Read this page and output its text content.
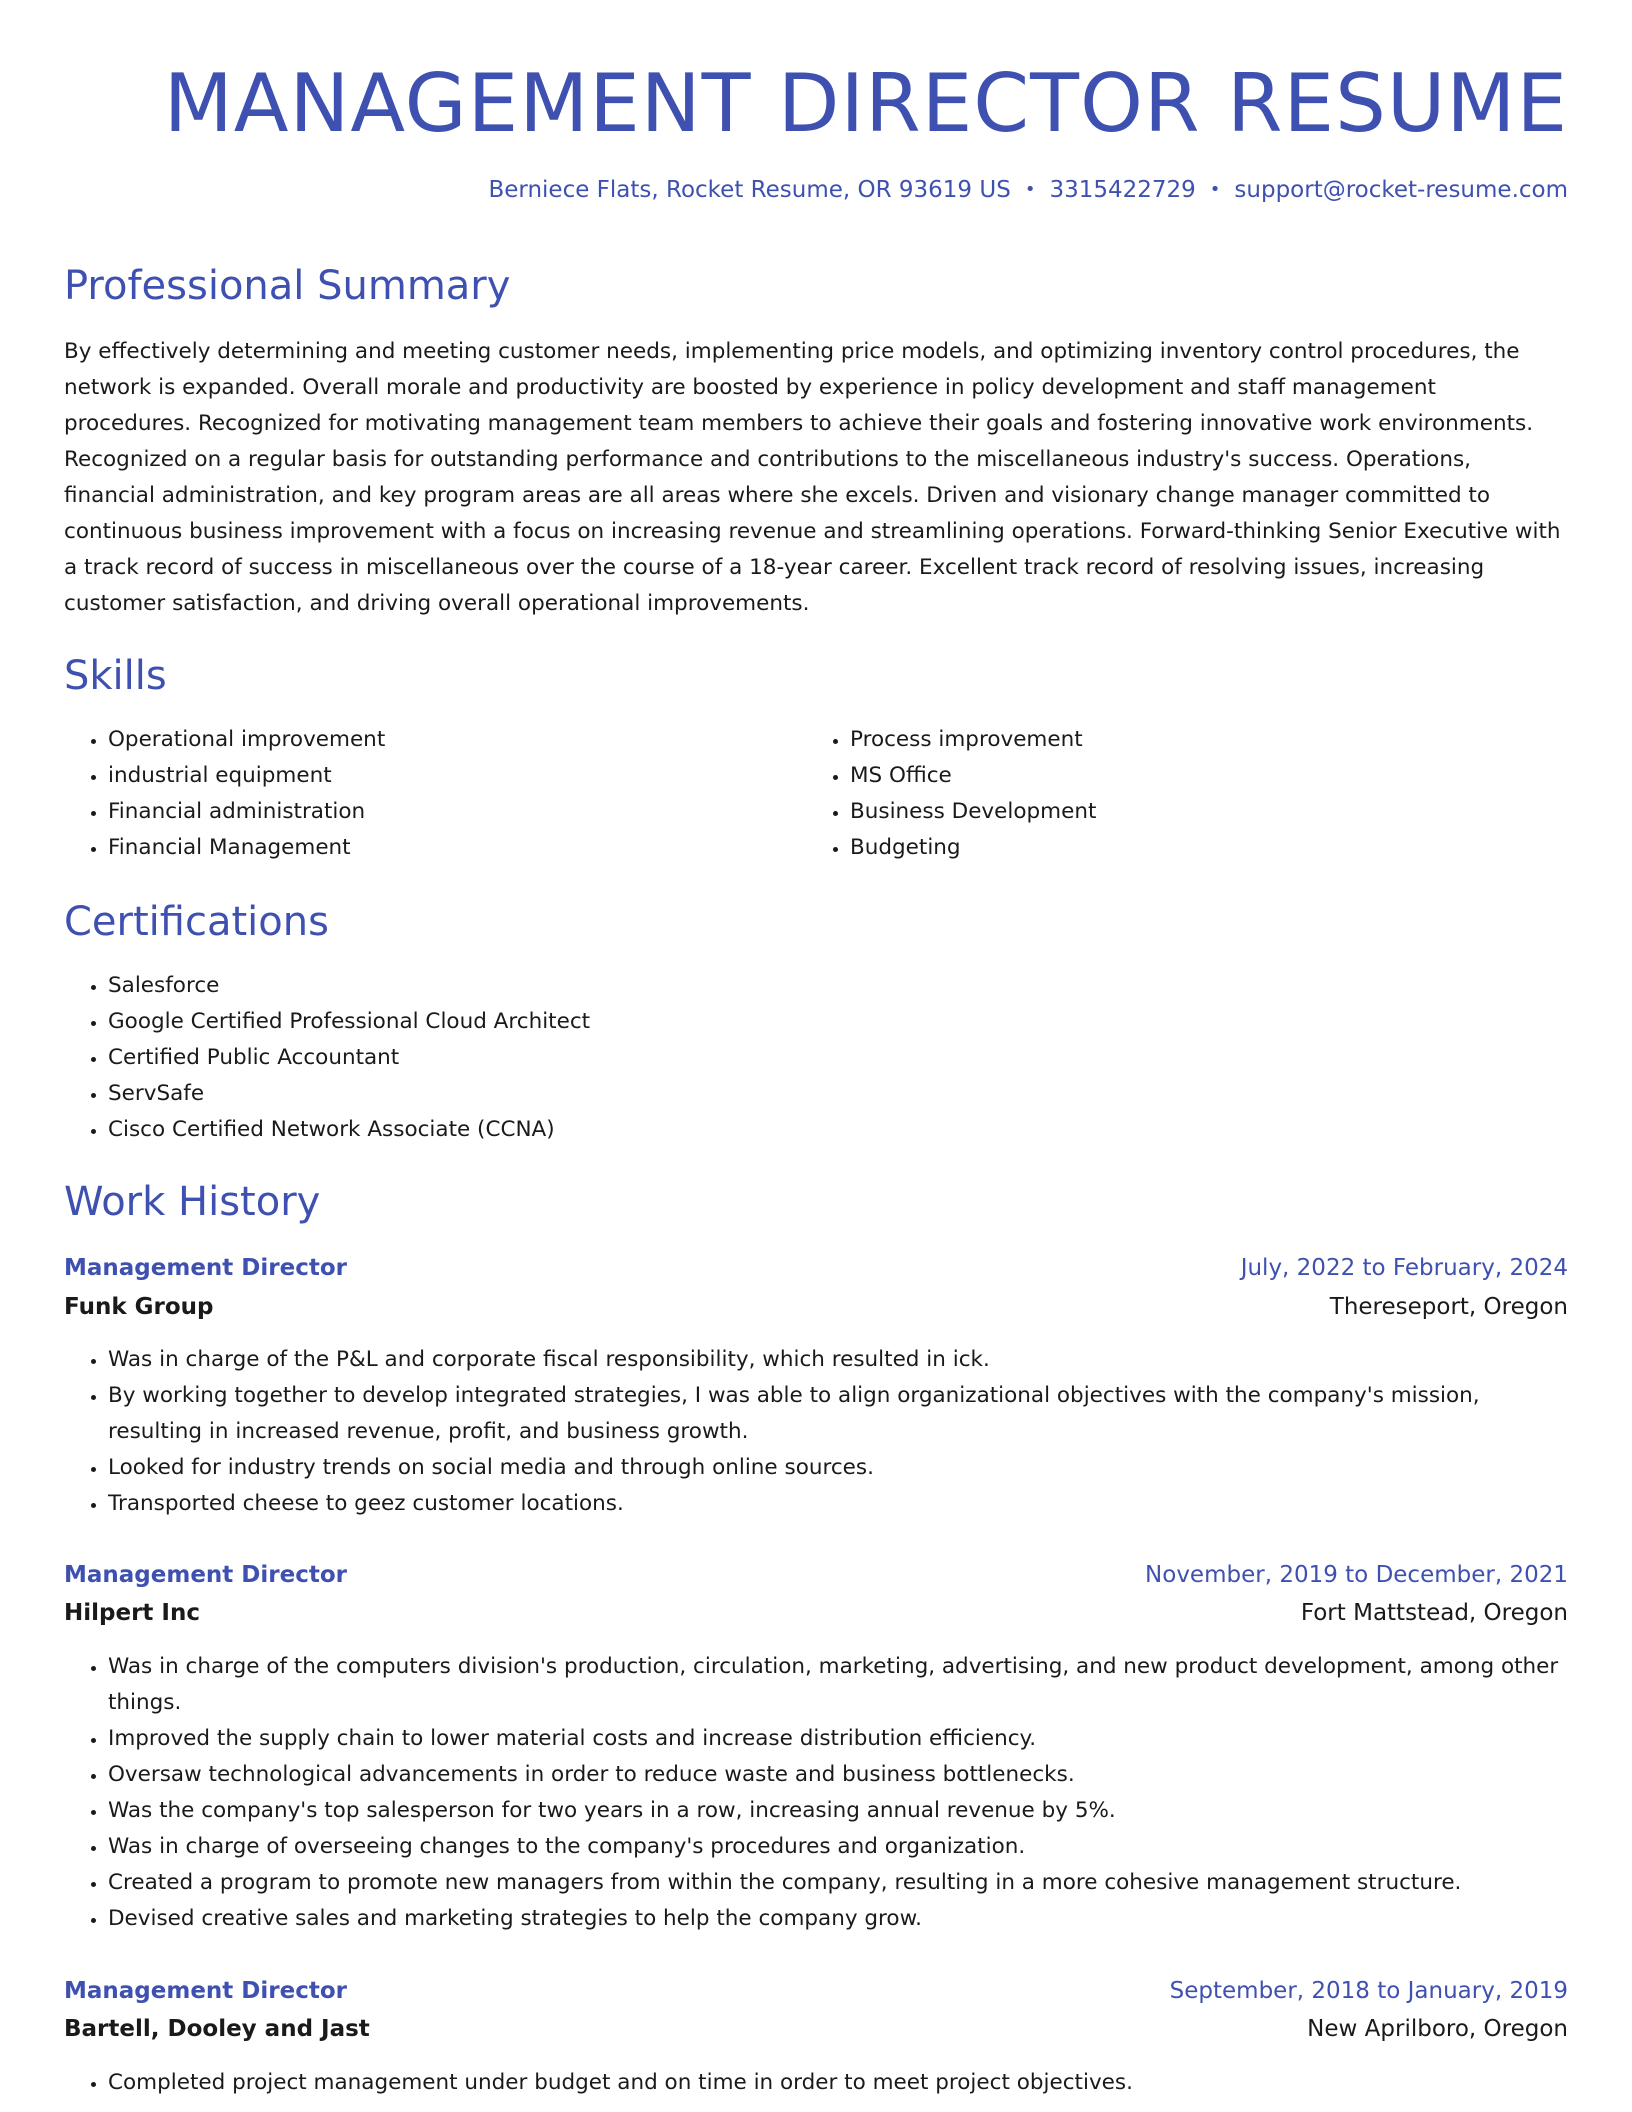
MANAGEMENT DIRECTOR RESUME
Berniece Flats, Rocket Resume, OR 93619 US • 3315422729 • support@rocket-resume.com
Professional Summary

By effectively determining and meeting customer needs, implementing price models, and optimizing inventory control procedures, the network is expanded. Overall morale and productivity are boosted by experience in policy development and staff management procedures. Recognized for motivating management team members to achieve their goals and fostering innovative work environments. Recognized on a regular basis for outstanding performance and contributions to the miscellaneous industry's success. Operations, financial administration, and key program areas are all areas where she excels. Driven and visionary change manager committed to continuous business improvement with a focus on increasing revenue and streamlining operations. Forward-thinking Senior Executive with a track record of success in miscellaneous over the course of a 18-year career. Excellent track record of resolving issues, increasing customer satisfaction, and driving overall operational improvements.

Skills
• Operational improvement
• industrial equipment
• Financial administration
• Financial Management
• Process improvement
• MS Office
• Business Development
• Budgeting
Certifications
• Salesforce
• Google Certified Professional Cloud Architect
• Certified Public Accountant
• ServSafe
• Cisco Certified Network Associate (CCNA)
Work History
Management Director	July, 2022 to February, 2024
Funk Group	Thereseport, Oregon
• Was in charge of the P&L and corporate fiscal responsibility, which resulted in ick.
• By working together to develop integrated strategies, I was able to align organizational objectives with the company's mission, resulting in increased revenue, profit, and business growth.
• Looked for industry trends on social media and through online sources.
• Transported cheese to geez customer locations.
Management Director	November, 2019 to December, 2021
Hilpert Inc	Fort Mattstead, Oregon
• Was in charge of the computers division's production, circulation, marketing, advertising, and new product development, among other things.
• Improved the supply chain to lower material costs and increase distribution efficiency.
• Oversaw technological advancements in order to reduce waste and business bottlenecks.
• Was the company's top salesperson for two years in a row, increasing annual revenue by 5%.
• Was in charge of overseeing changes to the company's procedures and organization.
• Created a program to promote new managers from within the company, resulting in a more cohesive management structure.
• Devised creative sales and marketing strategies to help the company grow.
Management Director	September, 2018 to January, 2019
Bartell, Dooley and Jast	New Aprilboro, Oregon
• Completed project management under budget and on time in order to meet project objectives.
